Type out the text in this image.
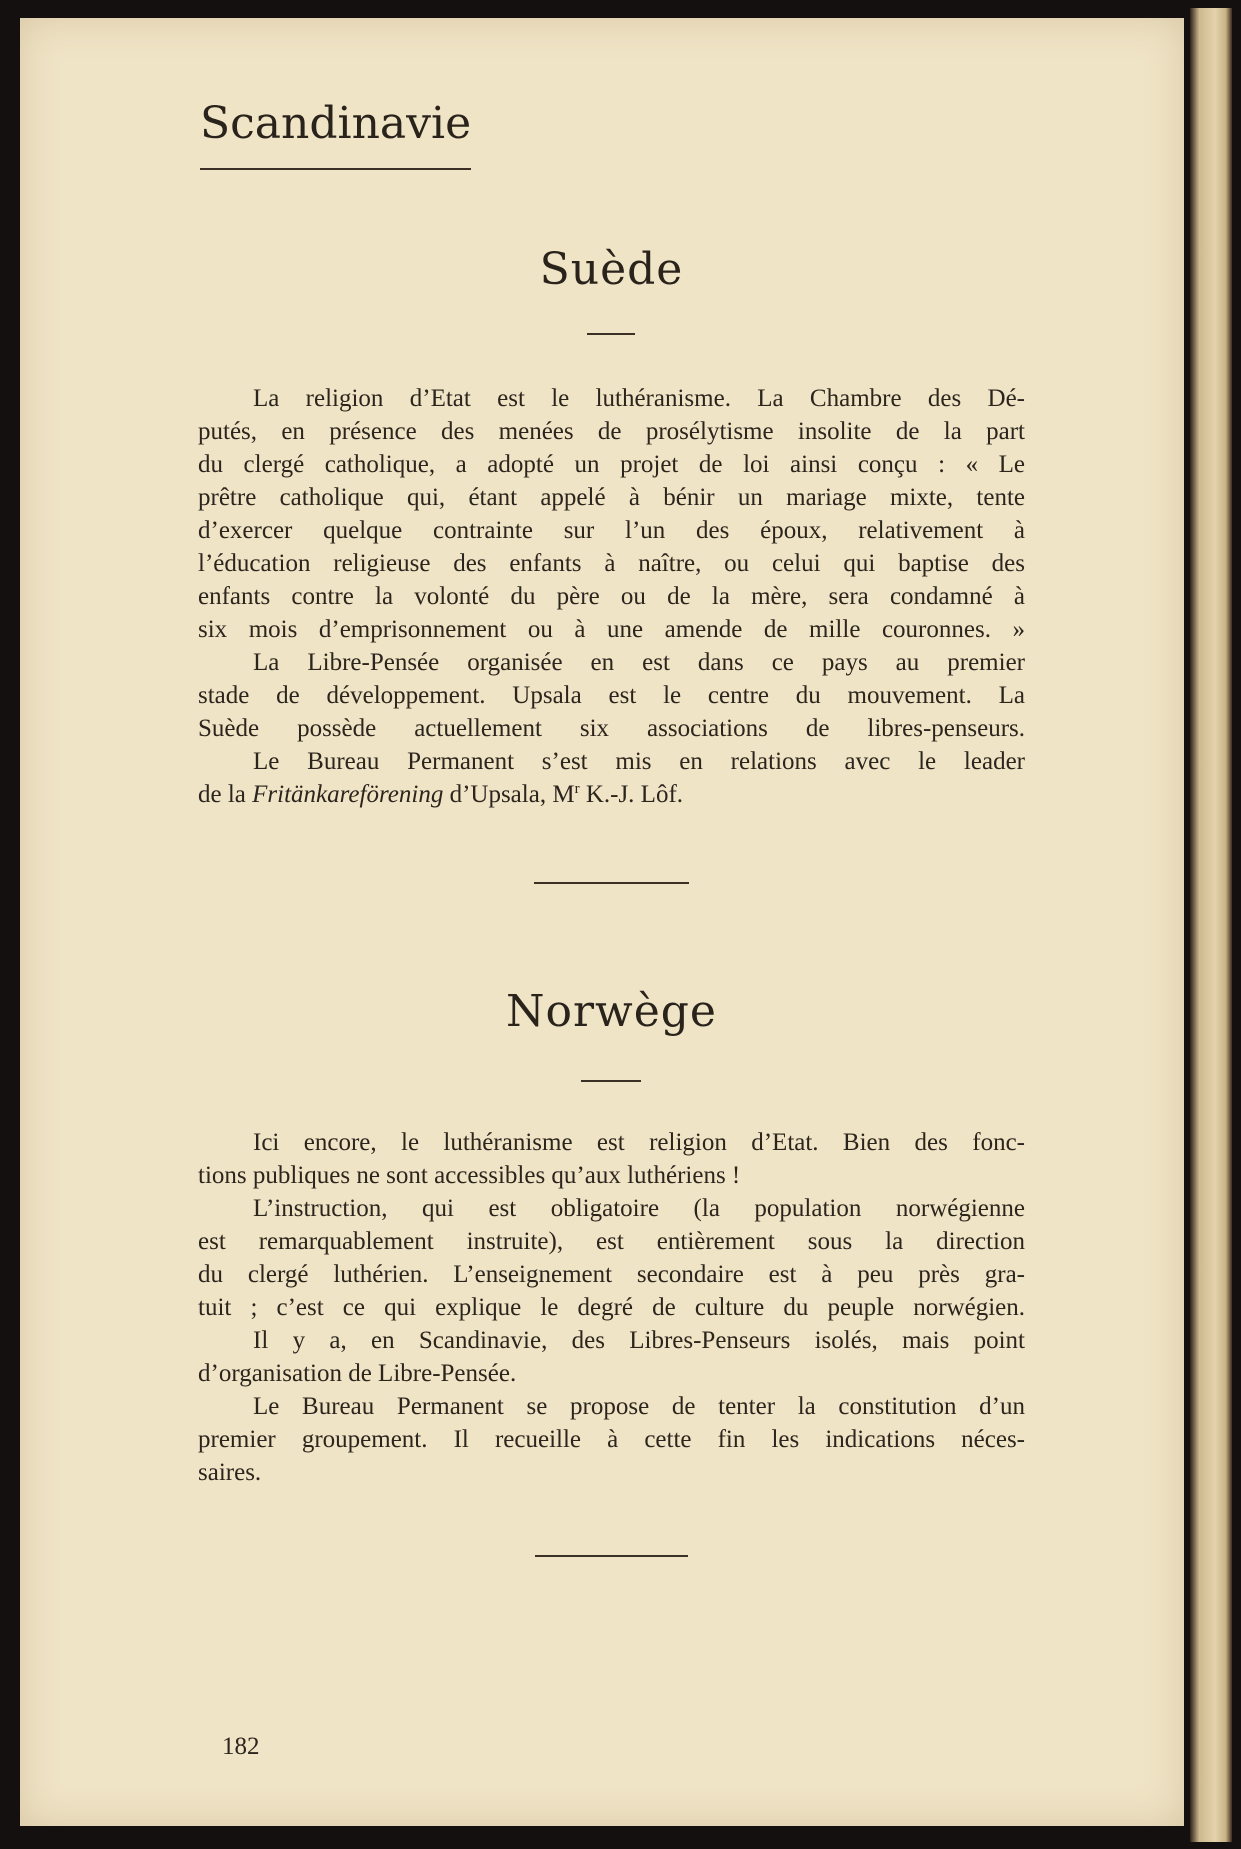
Scandinavie
Suède
La religion d’Etat est le luthéranisme. La Chambre des Dé-
putés, en présence des menées de prosélytisme insolite de la part
du clergé catholique, a adopté un projet de loi ainsi conçu : « Le
prêtre catholique qui, étant appelé à bénir un mariage mixte, tente
d’exercer quelque contrainte sur l’un des époux, relativement à
l’éducation religieuse des enfants à naître, ou celui qui baptise des
enfants contre la volonté du père ou de la mère, sera condamné à
six mois d’emprisonnement ou à une amende de mille couronnes. »
La Libre-Pensée organisée en est dans ce pays au premier
stade de développement. Upsala est le centre du mouvement. La
Suède possède actuellement six associations de libres-penseurs.
Le Bureau Permanent s’est mis en relations avec le leader
de la Fritänkareförening d’Upsala, $M^r$ K.-J. Lôf.
Norwège
Ici encore, le luthéranisme est religion d’Etat. Bien des fonc-
tions publiques ne sont accessibles qu’aux luthériens !
L’instruction, qui est obligatoire (la population norwégienne
est remarquablement instruite), est entièrement sous la direction
du clergé luthérien. L’enseignement secondaire est à peu près gra-
tuit ; c’est ce qui explique le degré de culture du peuple norwégien.
Il y a, en Scandinavie, des Libres-Penseurs isolés, mais point
d’organisation de Libre-Pensée.
Le Bureau Permanent se propose de tenter la constitution d’un
premier groupement. Il recueille à cette fin les indications néces-
saires.
182
